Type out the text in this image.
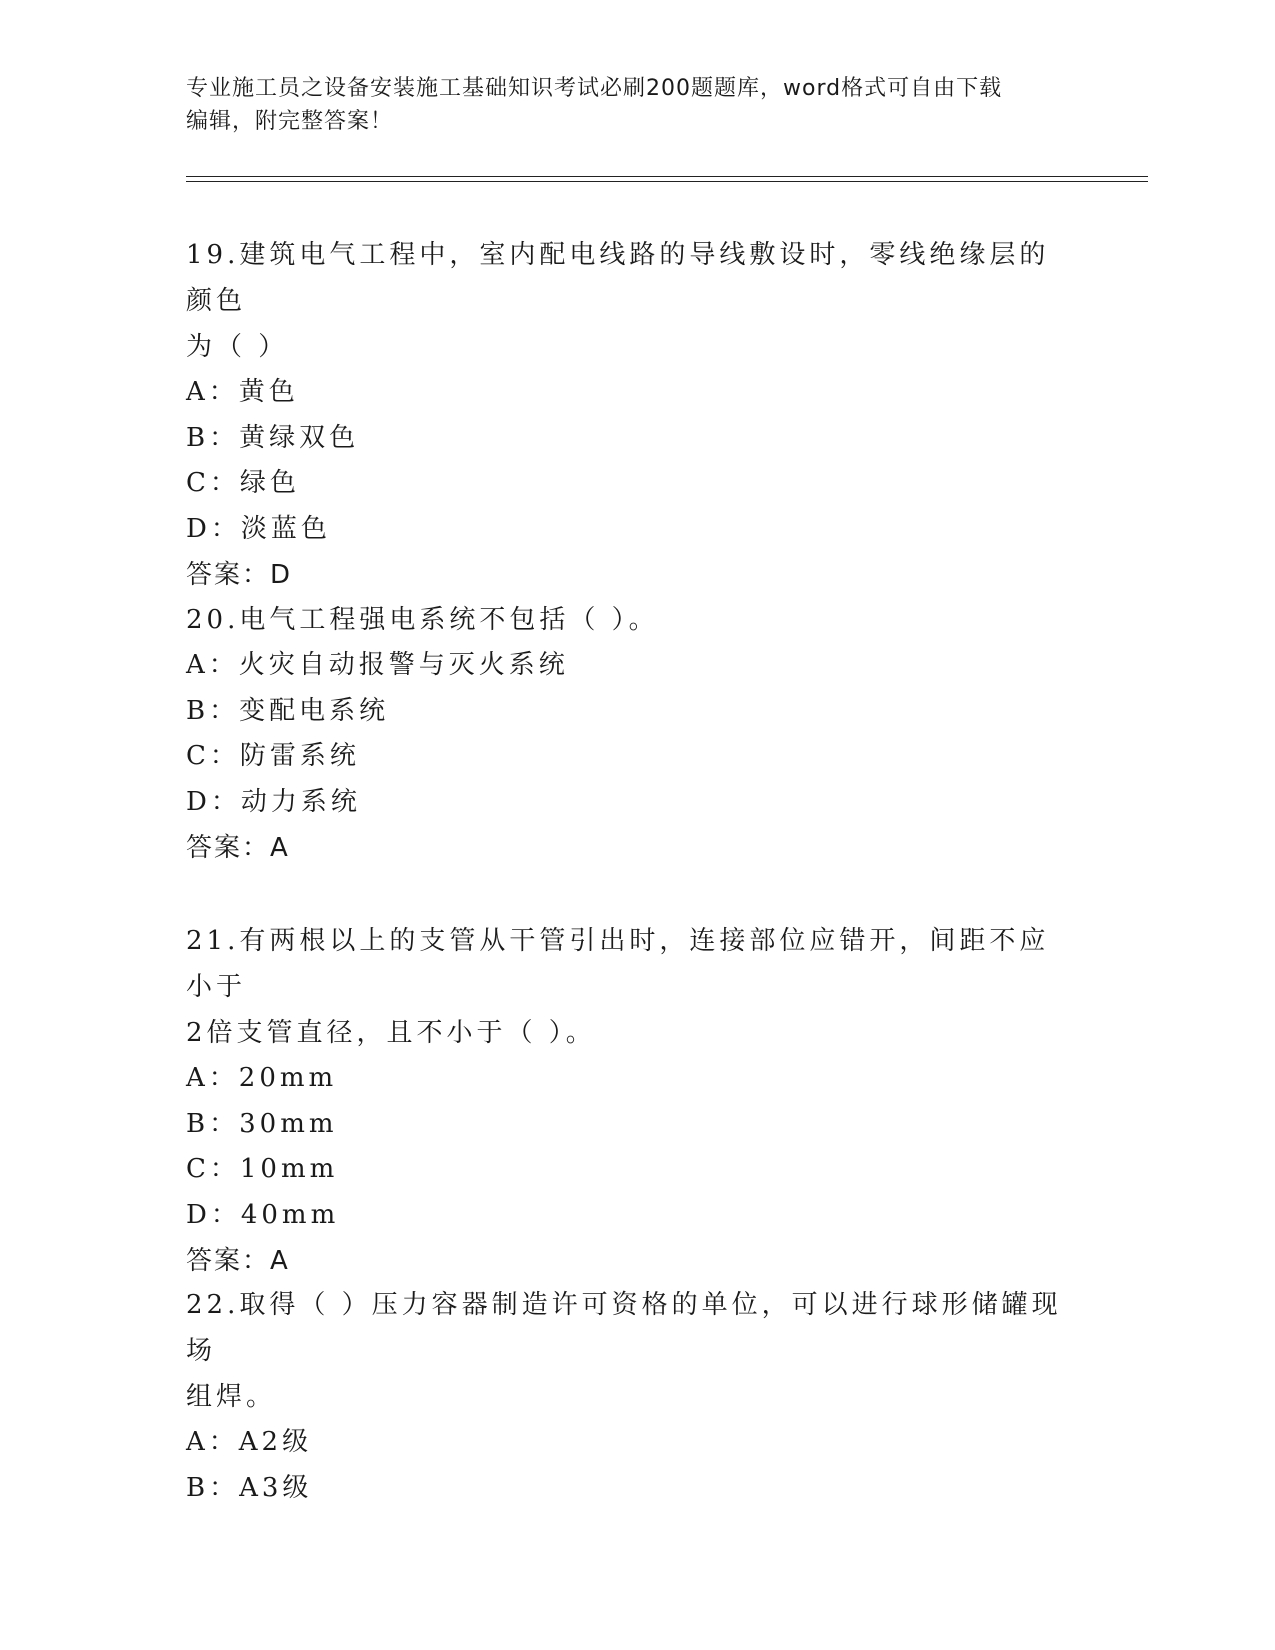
专业施工员之设备安装施工基础知识考试必刷200题题库，word格式可自由下载
编辑，附完整答案！

19.建筑电气工程中，室内配电线路的导线敷设时，零线绝缘层的颜色

为（ ）

A：黄色

B：黄绿双色

C：绿色

D：淡蓝色

答案：D

20.电气工程强电系统不包括（ ）。

A：火灾自动报警与灭火系统

B：变配电系统

C：防雷系统

D：动力系统

答案：A

21.有两根以上的支管从干管引出时，连接部位应错开，间距不应小于

2倍支管直径，且不小于（ ）。

A：20mm

B：30mm

C：10mm

D：40mm

答案：A

22.取得（ ）压力容器制造许可资格的单位，可以进行球形储罐现场

组焊。

A：A2级

B：A3级
